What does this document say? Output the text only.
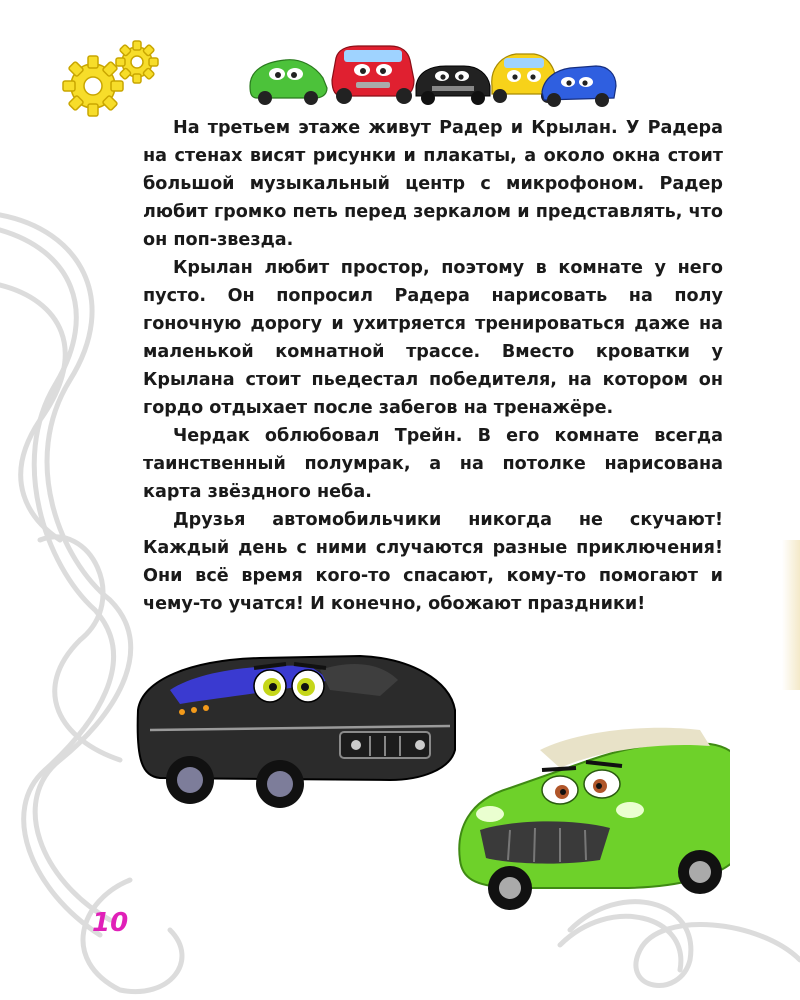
На третьем этаже живут Радер и Крылан. У Радера на стенах висят рисунки и плакаты, а около окна стоит большой музыкальный центр с микрофоном. Радер любит громко петь перед зеркалом и представлять, что он поп-звезда.

Крылан любит простор, поэтому в комнате у него пусто. Он попросил Радера нарисовать на полу гоночную дорогу и ухитряется тренироваться даже на маленькой комнатной трассе. Вместо кроватки у Крылана стоит пьедестал победителя, на котором он гордо отдыхает после забегов на тренажёре.

Чердак облюбовал Трейн. В его комнате всегда таинственный полумрак, а на потолке нарисована карта звёздного неба.

Друзья автомобильчики никогда не скучают! Каждый день с ними случаются разные приключения! Они всё время кого-то спасают, кому-то помогают и чему-то учатся! И конечно, обожают праздники!

10
